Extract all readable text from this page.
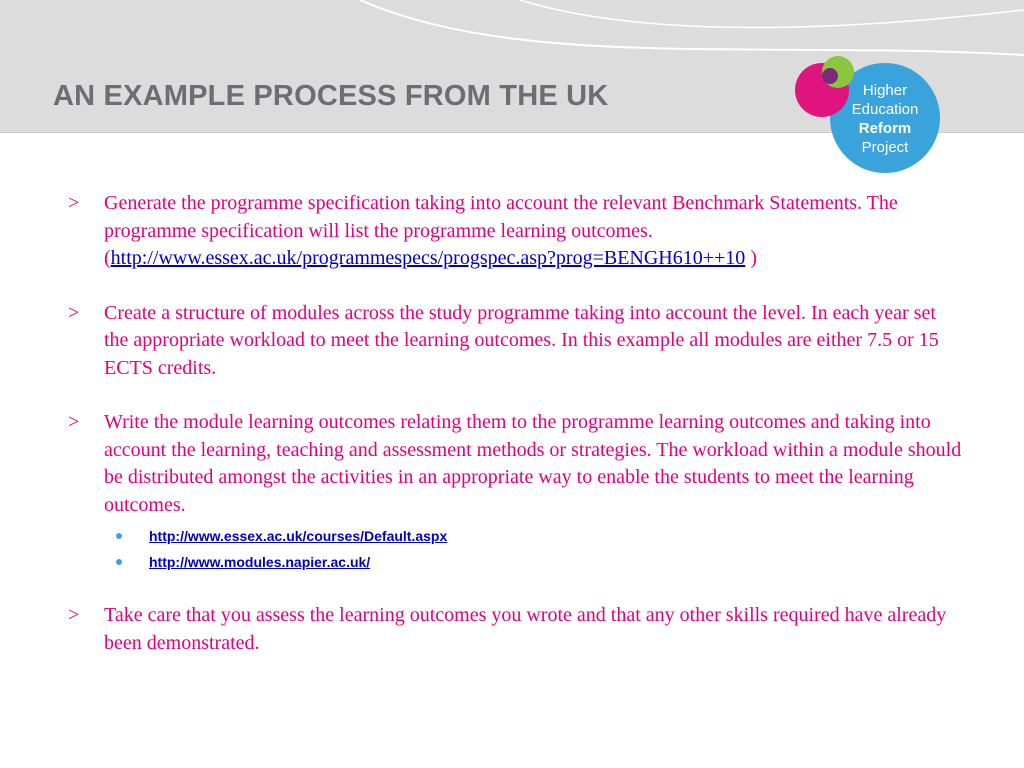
AN EXAMPLE PROCESS FROM THE UK	Higher
Education
Reform
Project
> Generate the programme specification taking into account the relevant Benchmark Statements. The programme specification will list the programme learning outcomes.
(http://www.essex.ac.uk/programmespecs/progspec.asp?prog=BENGH610++10 )
> Create a structure of modules across the study programme taking into account the level. In each year set the appropriate workload to meet the learning outcomes. In this example all modules are either 7.5 or 15 ECTS credits.
> Write the module learning outcomes relating them to the programme learning outcomes and taking into account the learning, teaching and assessment methods or strategies. The workload within a module should be distributed amongst the activities in an appropriate way to enable the students to meet the learning outcomes.
http://www.essex.ac.uk/courses/Default.aspx
http://www.modules.napier.ac.uk/
> Take care that you assess the learning outcomes you wrote and that any other skills required have already been demonstrated.
